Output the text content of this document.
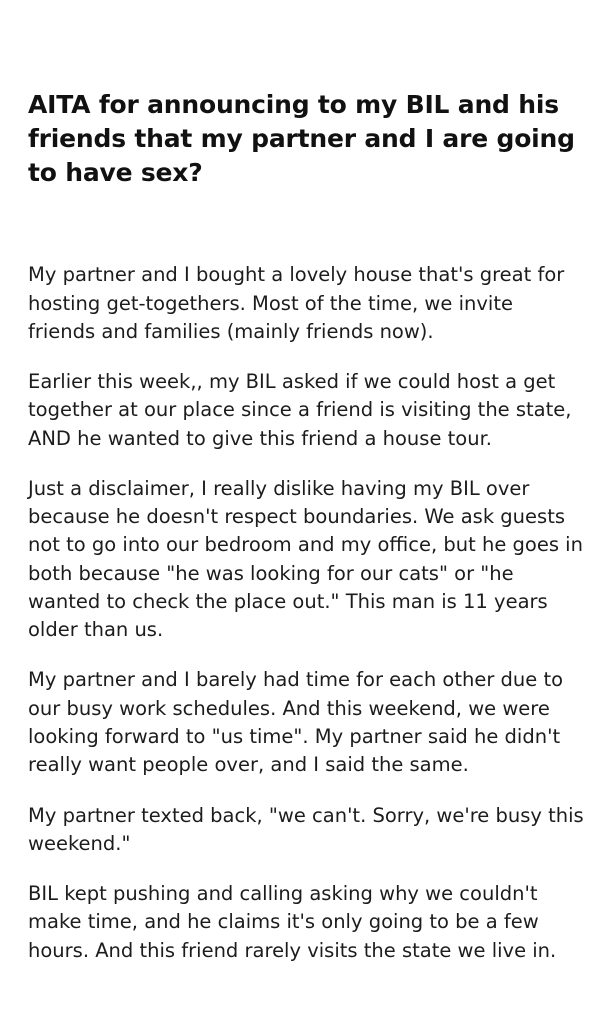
AITA for announcing to my BIL and his friends that my partner and I are going to have sex?

My partner and I bought a lovely house that's great for hosting get-togethers. Most of the time, we invite friends and families (mainly friends now).

Earlier this week,, my BIL asked if we could host a get together at our place since a friend is visiting the state, AND he wanted to give this friend a house tour.

Just a disclaimer, I really dislike having my BIL over because he doesn't respect boundaries. We ask guests not to go into our bedroom and my office, but he goes in both because "he was looking for our cats" or "he wanted to check the place out." This man is 11 years older than us.

My partner and I barely had time for each other due to our busy work schedules. And this weekend, we were looking forward to "us time". My partner said he didn't really want people over, and I said the same.

My partner texted back, "we can't. Sorry, we're busy this weekend."

BIL kept pushing and calling asking why we couldn't make time, and he claims it's only going to be a few hours. And this friend rarely visits the state we live in.
